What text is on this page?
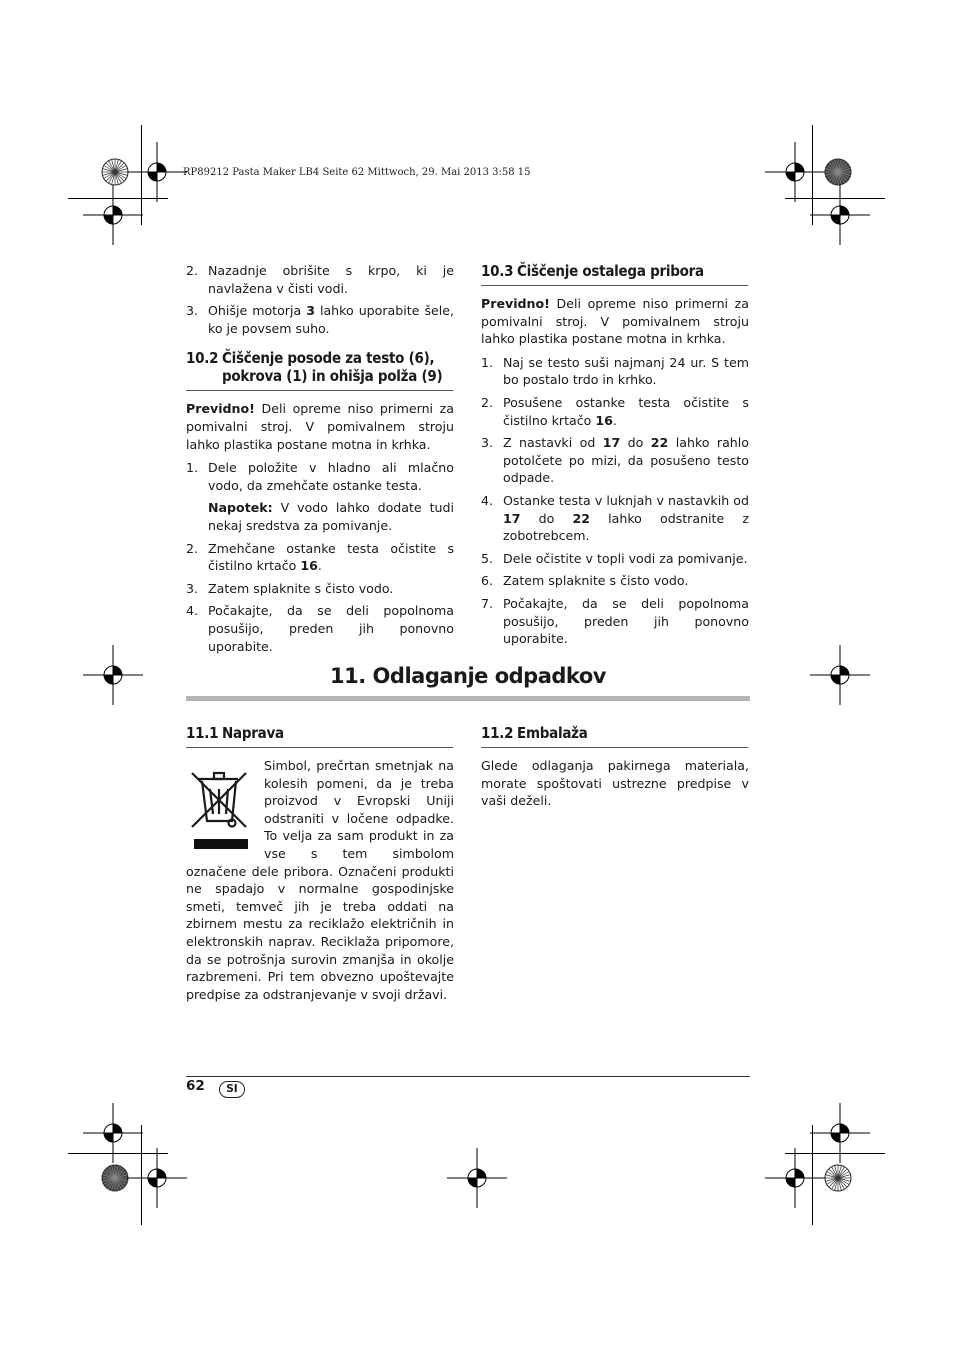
RP89212 Pasta Maker LB4 Seite 62 Mittwoch, 29. Mai 2013 3:58 15
2. Nazadnje obrišite s krpo, ki je navlažena v čisti vodi.
3. Ohišje motorja 3 lahko uporabite šele, ko je povsem suho.
10.2 Čiščenje posode za testo (6),
pokrova (1) in ohišja polža (9)

Previdno! Deli opreme niso primerni za pomivalni stroj. V pomivalnem stroju lahko plastika postane motna in krhka.

1. Dele položite v hladno ali mlačno vodo, da zmehčate ostanke testa.

Napotek: V vodo lahko dodate tudi nekaj sredstva za pomivanje.

2. Zmehčane ostanke testa očistite s čistilno krtačo 16.
3. Zatem splaknite s čisto vodo.
4. Počakajte, da se deli popolnoma posušijo, preden jih ponovno uporabite.
10.3 Čiščenje ostalega pribora

Previdno! Deli opreme niso primerni za pomivalni stroj. V pomivalnem stroju lahko plastika postane motna in krhka.

1. Naj se testo suši najmanj 24 ur. S tem bo postalo trdo in krhko.
2. Posušene ostanke testa očistite s čistilno krtačo 16.
3. Z nastavki od 17 do 22 lahko rahlo potolčete po mizi, da posušeno testo odpade.
4. Ostanke testa v luknjah v nastavkih od 17 do 22 lahko odstranite z zobotrebcem.
5. Dele očistite v topli vodi za pomivanje.
6. Zatem splaknite s čisto vodo.
7. Počakajte, da se deli popolnoma posušijo, preden jih ponovno uporabite.
11. Odlaganje odpadkov
11.1 Naprava
Simbol, prečrtan smetnjak na kolesih pomeni, da je treba proizvod v Evropski Uniji odstraniti v ločene odpadke. To velja za sam produkt in za vse s tem simbolom označene dele pribora. Označeni produkti ne spadajo v normalne gospodinjske smeti, temveč jih je treba oddati na zbirnem mestu za reciklažo električnih in elektronskih naprav. Reciklaža pripomore, da se potrošnja surovin zmanjša in okolje razbremeni. Pri tem obvezno upoštevajte predpise za odstranjevanje v svoji državi.
11.2 Embalaža

Glede odlaganja pakirnega materiala, morate spoštovati ustrezne predpise v vaši deželi.

62	SI
